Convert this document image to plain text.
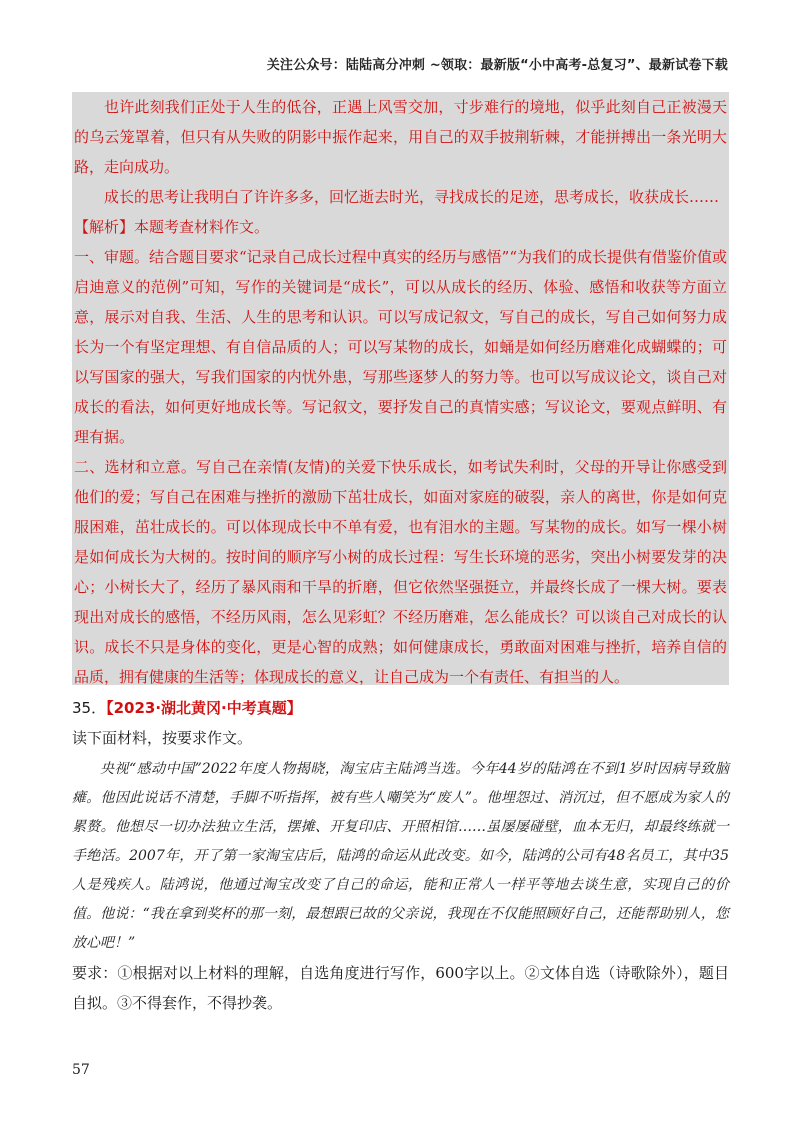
关注公众号：陆陆高分冲刺 ~领取：最新版“小中高考-总复习”、最新试卷下载

也许此刻我们正处于人生的低谷，正遇上风雪交加，寸步难行的境地，似乎此刻自己正被漫天的乌云笼罩着，但只有从失败的阴影中振作起来，用自己的双手披荆斩棘，才能拼搏出一条光明大路，走向成功。

成长的思考让我明白了许许多多，回忆逝去时光，寻找成长的足迹，思考成长，收获成长……

【解析】本题考查材料作文。

一、审题。结合题目要求“记录自己成长过程中真实的经历与感悟”“为我们的成长提供有借鉴价值或启迪意义的范例”可知，写作的关键词是“成长”，可以从成长的经历、体验、感悟和收获等方面立意，展示对自我、生活、人生的思考和认识。可以写成记叙文，写自己的成长，写自己如何努力成长为一个有坚定理想、有自信品质的人；可以写某物的成长，如蛹是如何经历磨难化成蝴蝶的；可以写国家的强大，写我们国家的内忧外患，写那些逐梦人的努力等。也可以写成议论文，谈自己对成长的看法，如何更好地成长等。写记叙文，要抒发自己的真情实感；写议论文，要观点鲜明、有理有据。

二、选材和立意。写自己在亲情(友情)的关爱下快乐成长，如考试失利时，父母的开导让你感受到他们的爱；写自己在困难与挫折的激励下茁壮成长，如面对家庭的破裂，亲人的离世，你是如何克服困难，茁壮成长的。可以体现成长中不单有爱，也有泪水的主题。写某物的成长。如写一棵小树是如何成长为大树的。按时间的顺序写小树的成长过程：写生长环境的恶劣，突出小树要发芽的决心；小树长大了，经历了暴风雨和干旱的折磨，但它依然坚强挺立，并最终长成了一棵大树。要表现出对成长的感悟，不经历风雨，怎么见彩虹？不经历磨难，怎么能成长？可以谈自己对成长的认识。成长不只是身体的变化，更是心智的成熟；如何健康成长，勇敢面对困难与挫折，培养自信的品质，拥有健康的生活等；体现成长的意义，让自己成为一个有责任、有担当的人。

35．【2023·湖北黄冈·中考真题】

读下面材料，按要求作文。

央视“感动中国”2022年度人物揭晓，淘宝店主陆鸿当选。今年44岁的陆鸿在不到1岁时因病导致脑瘫。他因此说话不清楚，手脚不听指挥，被有些人嘲笑为“废人”。他埋怨过、消沉过，但不愿成为家人的累赘。他想尽一切办法独立生活，摆摊、开复印店、开照相馆……虽屡屡碰壁，血本无归，却最终练就一手绝活。2007年，开了第一家淘宝店后，陆鸿的命运从此改变。如今，陆鸿的公司有48名员工，其中35人是残疾人。陆鸿说，他通过淘宝改变了自己的命运，能和正常人一样平等地去谈生意，实现自己的价值。他说：“我在拿到奖杯的那一刻，最想跟已故的父亲说，我现在不仅能照顾好自己，还能帮助别人，您放心吧！”

要求：①根据对以上材料的理解，自选角度进行写作，600字以上。②文体自选（诗歌除外），题目自拟。③不得套作，不得抄袭。

57
